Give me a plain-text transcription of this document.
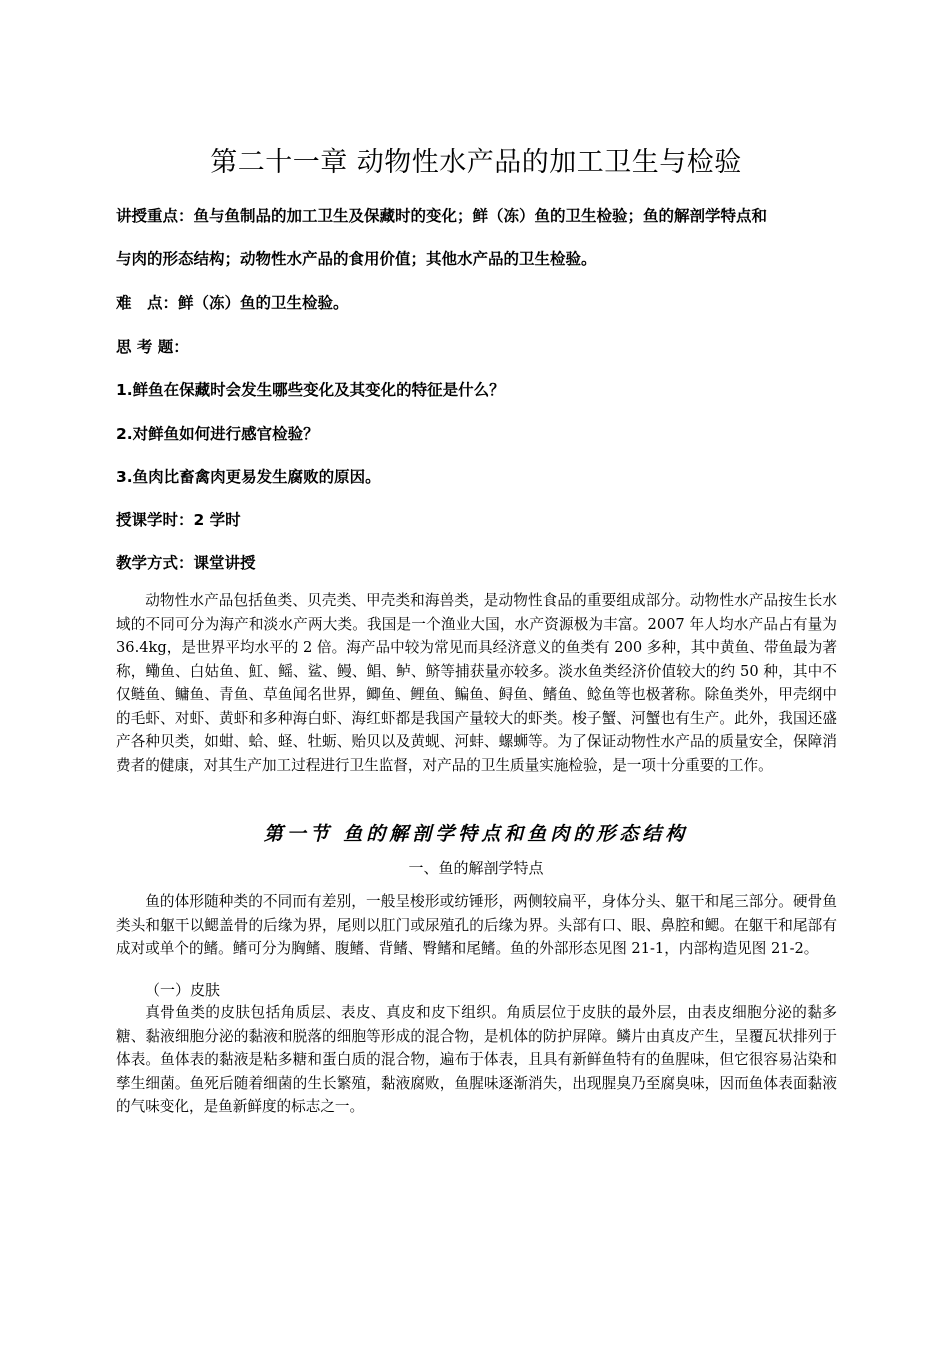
第二十一章 动物性水产品的加工卫生与检验
讲授重点：鱼与鱼制品的加工卫生及保藏时的变化；鲜（冻）鱼的卫生检验；鱼的解剖学特点和
与肉的形态结构；动物性水产品的食用价值；其他水产品的卫生检验。
难　点：鲜（冻）鱼的卫生检验。
思 考 题：
1.鲜鱼在保藏时会发生哪些变化及其变化的特征是什么？
2.对鲜鱼如何进行感官检验？
3.鱼肉比畜禽肉更易发生腐败的原因。
授课学时：2 学时
教学方式：课堂讲授
动物性水产品包括鱼类、贝壳类、甲壳类和海兽类，是动物性食品的重要组成部分。动物性水产品按生长水域的不同可分为海产和淡水产两大类。我国是一个渔业大国，水产资源极为丰富。2007 年人均水产品占有量为 36.4kg，是世界平均水平的 2 倍。海产品中较为常见而具经济意义的鱼类有 200 多种，其中黄鱼、带鱼最为著称，鳓鱼、白姑鱼、魟、鳐、鲨、鳗、鲳、鲈、鲚等捕获量亦较多。淡水鱼类经济价值较大的约 50 种，其中不仅鲢鱼、鳙鱼、青鱼、草鱼闻名世界，鲫鱼、鲤鱼、鳊鱼、鲟鱼、鳍鱼、鲶鱼等也极著称。除鱼类外，甲壳纲中的毛虾、对虾、黄虾和多种海白虾、海红虾都是我国产量较大的虾类。梭子蟹、河蟹也有生产。此外，我国还盛产各种贝类，如蚶、蛤、蛏、牡蛎、贻贝以及黄蚬、河蚌、螺蛳等。为了保证动物性水产品的质量安全，保障消费者的健康，对其生产加工过程进行卫生监督，对产品的卫生质量实施检验，是一项十分重要的工作。
第一节 鱼的解剖学特点和鱼肉的形态结构
一、鱼的解剖学特点
鱼的体形随种类的不同而有差别，一般呈梭形或纺锤形，两侧较扁平，身体分头、躯干和尾三部分。硬骨鱼类头和躯干以鳃盖骨的后缘为界，尾则以肛门或尿殖孔的后缘为界。头部有口、眼、鼻腔和鳃。在躯干和尾部有成对或单个的鳍。鳍可分为胸鳍、腹鳍、背鳍、臀鳍和尾鳍。鱼的外部形态见图 21-1，内部构造见图 21-2。
（一）皮肤
真骨鱼类的皮肤包括角质层、表皮、真皮和皮下组织。角质层位于皮肤的最外层，由表皮细胞分泌的黏多糖、黏液细胞分泌的黏液和脱落的细胞等形成的混合物，是机体的防护屏障。鳞片由真皮产生，呈覆瓦状排列于体表。鱼体表的黏液是粘多糖和蛋白质的混合物，遍布于体表，且具有新鲜鱼特有的鱼腥味，但它很容易沾染和孳生细菌。鱼死后随着细菌的生长繁殖，黏液腐败，鱼腥味逐渐消失，出现腥臭乃至腐臭味，因而鱼体表面黏液的气味变化，是鱼新鲜度的标志之一。
